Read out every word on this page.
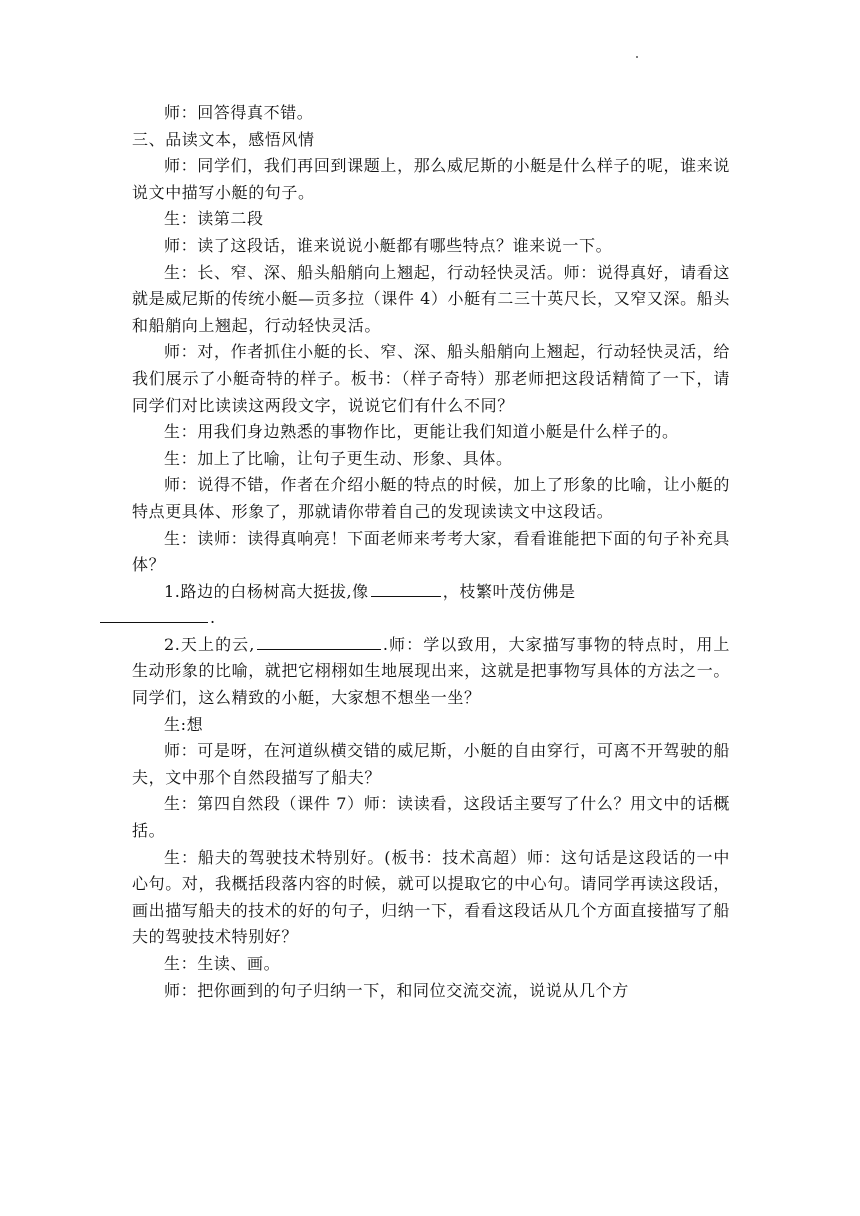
师：回答得真不错。

三、品读文本，感悟风情

师：同学们，我们再回到课题上，那么威尼斯的小艇是什么样子的呢，谁来说说文中描写小艇的句子。

生：读第二段

师：读了这段话，谁来说说小艇都有哪些特点？谁来说一下。

生：长、窄、深、船头船艄向上翘起，行动轻快灵活。师：说得真好，请看这就是威尼斯的传统小艇—贡多拉（课件 4）小艇有二三十英尺长，又窄又深。船头和船艄向上翘起，行动轻快灵活。

师：对，作者抓住小艇的长、窄、深、船头船艄向上翘起，行动轻快灵活，给我们展示了小艇奇特的样子。板书：（样子奇特）那老师把这段话精简了一下，请同学们对比读读这两段文字，说说它们有什么不同？

生：用我们身边熟悉的事物作比，更能让我们知道小艇是什么样子的。

生：加上了比喻，让句子更生动、形象、具体。

师：说得不错，作者在介绍小艇的特点的时候，加上了形象的比喻，让小艇的特点更具体、形象了，那就请你带着自己的发现读读文中这段话。

生：读师：读得真响亮！下面老师来考考大家，看看谁能把下面的句子补充具体？

1.路边的白杨树高大挺拔,像	，枝繁叶茂仿佛是
.

2.天上的云,	.师：学以致用，大家描写事物的特点时，用上生动形象的比喻，就把它栩栩如生地展现出来，这就是把事物写具体的方法之一。同学们，这么精致的小艇，大家想不想坐一坐？

生:想

师：可是呀，在河道纵横交错的威尼斯，小艇的自由穿行，可离不开驾驶的船夫，文中那个自然段描写了船夫？

生：第四自然段（课件 7）师：读读看，这段话主要写了什么？用文中的话概括。

生：船夫的驾驶技术特别好。(板书：技术高超）师：这句话是这段话的一中心句。对，我概括段落内容的时候，就可以提取它的中心句。请同学再读这段话，画出描写船夫的技术的好的句子，归纳一下，看看这段话从几个方面直接描写了船夫的驾驶技术特别好？

生：生读、画。

师：把你画到的句子归纳一下，和同位交流交流，说说从几个方
